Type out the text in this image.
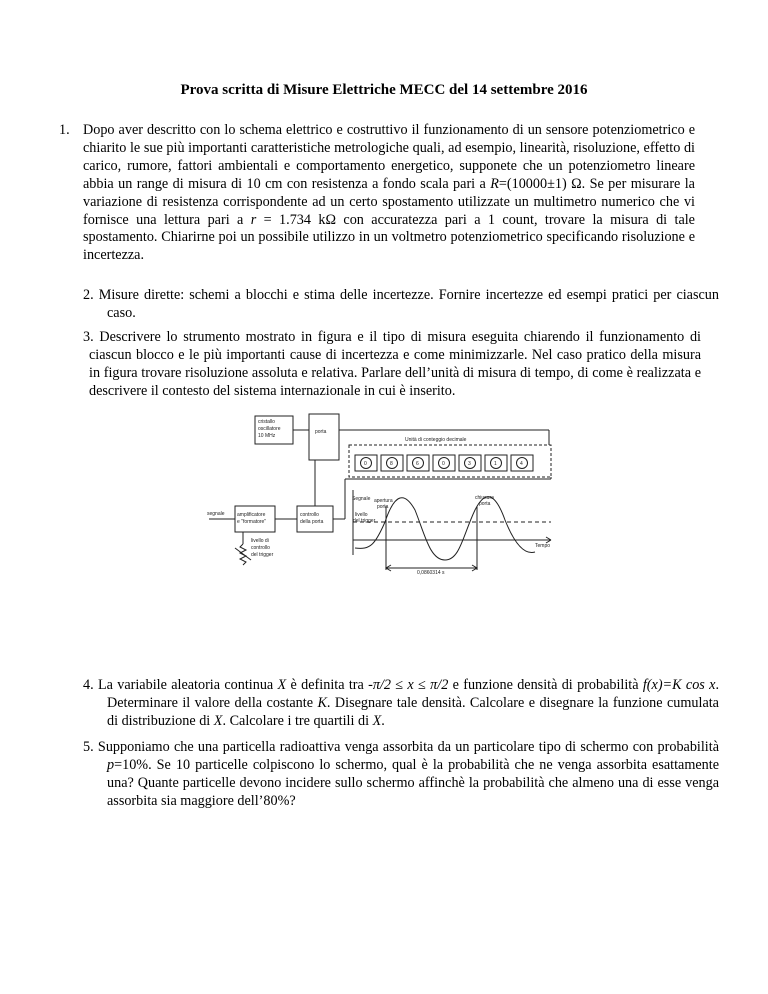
Prova scritta di Misure Elettriche MECC del 14 settembre 2016
1. Dopo aver descritto con lo schema elettrico e costruttivo il funzionamento di un sensore potenziometrico e chiarito le sue più importanti caratteristiche metrologiche quali, ad esempio, linearità, risoluzione, effetto di carico, rumore, fattori ambientali e comportamento energetico, supponete che un potenziometro lineare abbia un range di misura di 10 cm con resistenza a fondo scala pari a R=(10000±1) Ω. Se per misurare la variazione di resistenza corrispondente ad un certo spostamento utilizzate un multimetro numerico che vi fornisce una lettura pari a r = 1.734 kΩ con accuratezza pari a 1 count, trovare la misura di tale spostamento. Chiarirne poi un possibile utilizzo in un voltmetro potenziometrico specificando risoluzione e incertezza.
2. Misure dirette: schemi a blocchi e stima delle incertezze. Fornire incertezze ed esempi pratici per ciascun caso.
3. Descrivere lo strumento mostrato in figura e il tipo di misura eseguita chiarendo il funzionamento di ciascun blocco e le più importanti cause di incertezza e come minimizzarle. Nel caso pratico della misura in figura trovare risoluzione assoluta e relativa. Parlare dell’unità di misura di tempo, di come è realizzata e descrivere il contesto del sistema internazionale in cui è inserito.
cristallo
oscillatore
10 MHz
porta
Unità di conteggio decimale
0	8	6	0	3	1	4
amplificatore
e "formatore"
controllo
della porta
segnale
livello di
controllo
del trigger
Segnale apertura
porta
chiusura
porta
livello
del trigger
Tempo
0,0860314 s
4. La variabile aleatoria continua X è definita tra -π/2 ≤ x ≤ π/2 e funzione densità di probabilità f(x)=K cos x. Determinare il valore della costante K. Disegnare tale densità. Calcolare e disegnare la funzione cumulata di distribuzione di X. Calcolare i tre quartili di X.
5. Supponiamo che una particella radioattiva venga assorbita da un particolare tipo di schermo con probabilità p=10%. Se 10 particelle colpiscono lo schermo, qual è la probabilità che ne venga assorbita esattamente una? Quante particelle devono incidere sullo schermo affinchè la probabilità che almeno una di esse venga assorbita sia maggiore dell’80%?
